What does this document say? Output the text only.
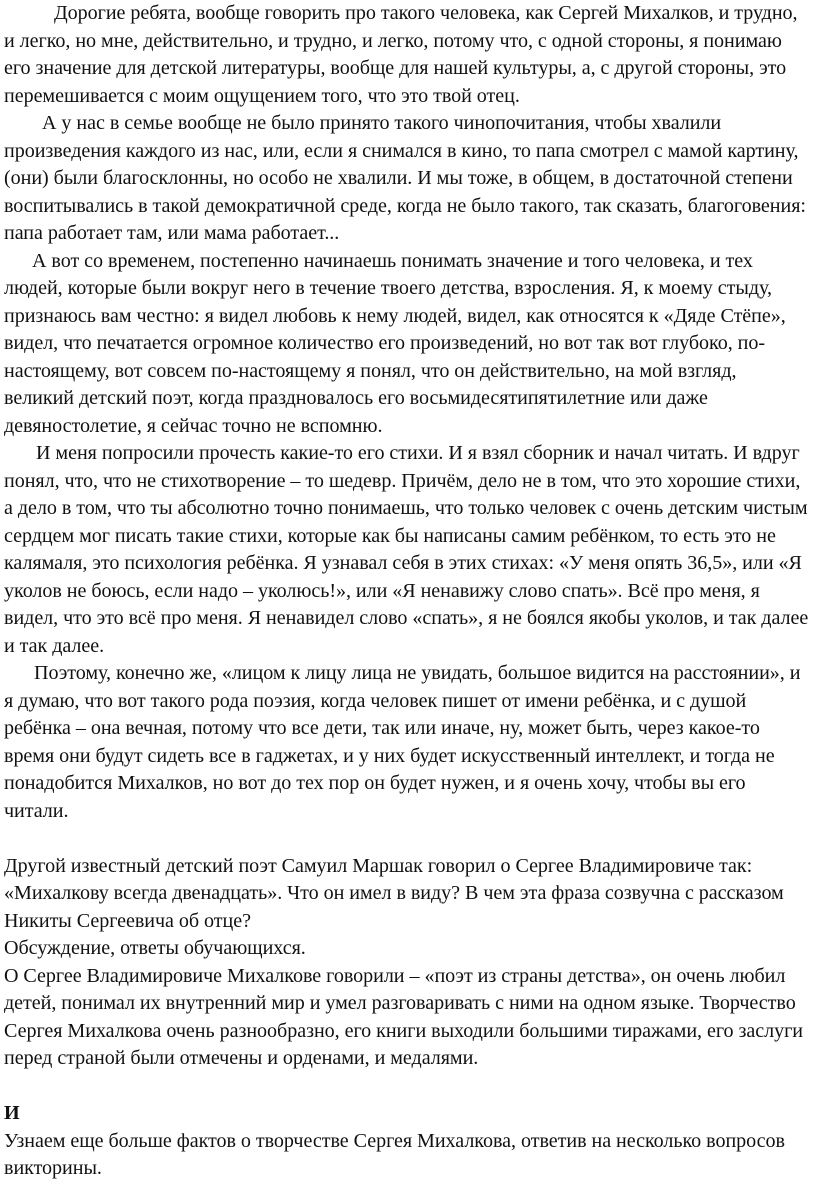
Дорогие ребята, вообще говорить про такого человека, как Сергей Михалков, и трудно, и легко, но мне, действительно, и трудно, и легко, потому что, с одной стороны, я понимаю его значение для детской литературы, вообще для нашей культуры, а, с другой стороны, это перемешивается с моим ощущением того, что это твой отец.

А у нас в семье вообще не было принято такого чинопочитания, чтобы хвалили произведения каждого из нас, или, если я снимался в кино, то папа смотрел с мамой картину, (они) были благосклонны, но особо не хвалили. И мы тоже, в общем, в достаточной степени воспитывались в такой демократичной среде, когда не было такого, так сказать, благоговения: папа работает там, или мама работает...

А вот со временем, постепенно начинаешь понимать значение и того человека, и тех людей, которые были вокруг него в течение твоего детства, взросления. Я, к моему стыду, признаюсь вам честно: я видел любовь к нему людей, видел, как относятся к «Дяде Стёпе», видел, что печатается огромное количество его произведений, но вот так вот глубоко, по-настоящему, вот совсем по-настоящему я понял, что он действительно, на мой взгляд, великий детский поэт, когда праздновалось его восьмидесятипятилетние или даже девяностолетие, я сейчас точно не вспомню.

И меня попросили прочесть какие-то его стихи. И я взял сборник и начал читать. И вдруг понял, что, что не стихотворение – то шедевр. Причём, дело не в том, что это хорошие стихи, а дело в том, что ты абсолютно точно понимаешь, что только человек с очень детским чистым сердцем мог писать такие стихи, которые как бы написаны самим ребёнком, то есть это не калямаля, это психология ребёнка. Я узнавал себя в этих стихах: «У меня опять 36,5», или «Я уколов не боюсь, если надо – уколюсь!», или «Я ненавижу слово спать». Всё про меня, я видел, что это всё про меня. Я ненавидел слово «спать», я не боялся якобы уколов, и так далее и так далее.

Поэтому, конечно же, «лицом к лицу лица не увидать, большое видится на расстоянии», и я думаю, что вот такого рода поэзия, когда человек пишет от имени ребёнка, и с душой ребёнка – она вечная, потому что все дети, так или иначе, ну, может быть, через какое-то время они будут сидеть все в гаджетах, и у них будет искусственный интеллект, и тогда не понадобится Михалков, но вот до тех пор он будет нужен, и я очень хочу, чтобы вы его читали.

Другой известный детский поэт Самуил Маршак говорил о Сергее Владимировиче так: «Михалкову всегда двенадцать». Что он имел в виду? В чем эта фраза созвучна с рассказом Никиты Сергеевича об отце?

Обсуждение, ответы обучающихся.

О Сергее Владимировиче Михалкове говорили – «поэт из страны детства», он очень любил детей, понимал их внутренний мир и умел разговаривать с ними на одном языке. Творчество Сергея Михалкова очень разнообразно, его книги выходили большими тиражами, его заслуги перед страной были отмечены и орденами, и медалями.

И

Узнаем еще больше фактов о творчестве Сергея Михалкова, ответив на несколько вопросов викторины.
